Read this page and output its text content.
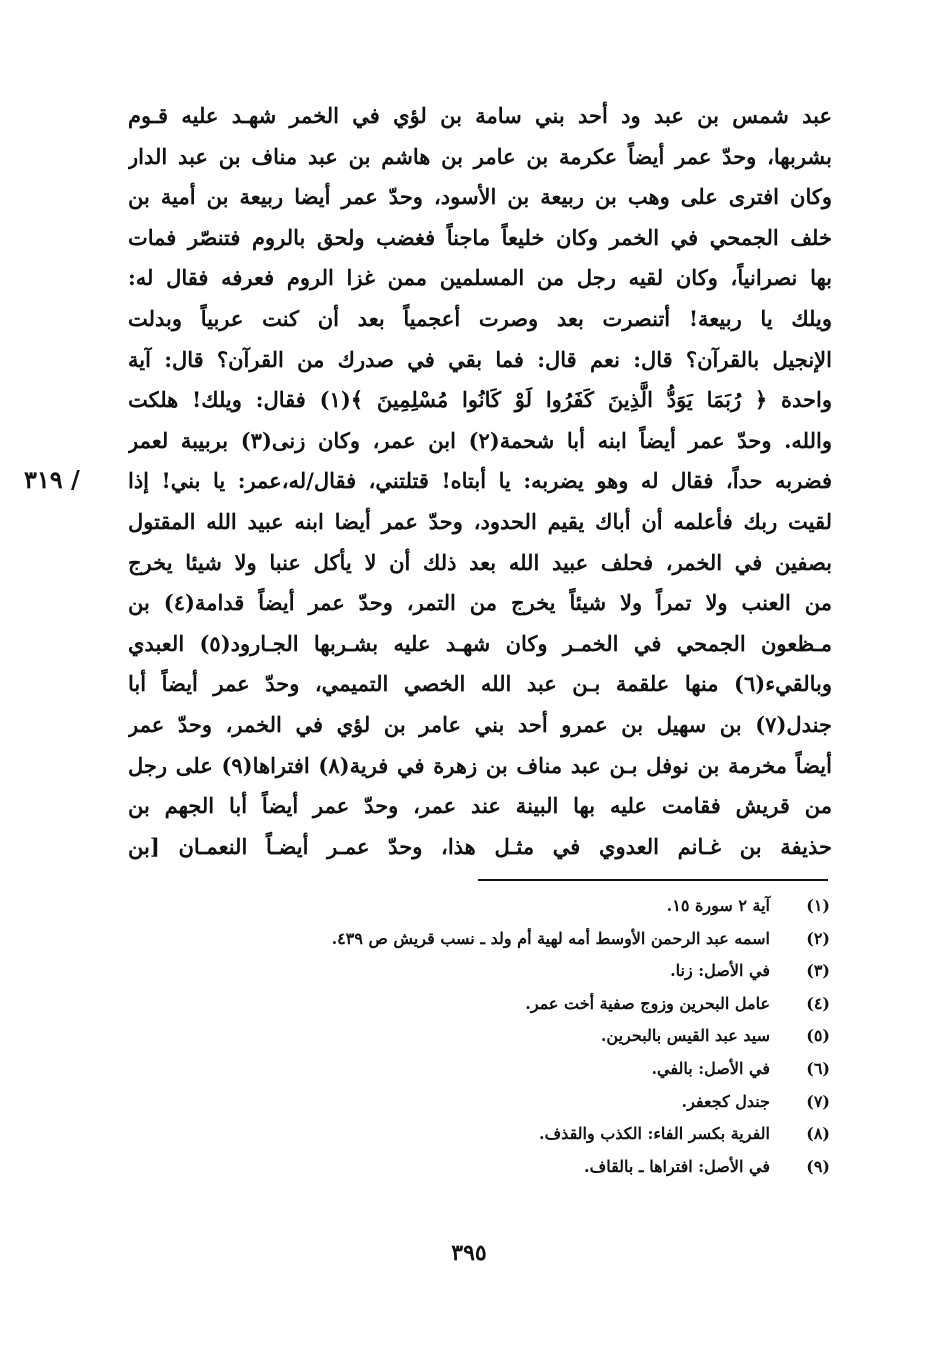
عبد شمس بن عبد ود أحد بني سامة بن لؤي في الخمر شهـد عليه قـوم
بشربها، وحدّ عمر أيضاً عكرمة بن عامر بن هاشم بن عبد مناف بن عبد الدار
وكان افترى على وهب بن ربيعة بن الأسود، وحدّ عمر أيضا ربيعة بن أمية بن
خلف الجمحي في الخمر وكان خليعاً ماجناً فغضب ولحق بالروم فتنصّر فمات
بها نصرانياً، وكان لقيه رجل من المسلمين ممن غزا الروم فعرفه فقال له:
ويلك يا ربيعة! أتنصرت بعد وصرت أعجمياً بعد أن كنت عربياً وبدلت
الإنجيل بالقرآن؟ قال: نعم قال: فما بقي في صدرك من القرآن؟ قال: آية
واحدة ﴿ رُبَمَا يَوَدُّ الَّذِينَ كَفَرُوا لَوْ كَانُوا مُسْلِمِينَ ﴾(١) فقال: ويلك! هلكت
والله. وحدّ عمر أيضاً ابنه أبا شحمة(٢) ابن عمر، وكان زنى(٣) بربيبة لعمر
فضربه حداً، فقال له وهو يضربه: يا أبتاه! قتلتني، فقال/له،عمر: يا بني! إذا
لقيت ربك فأعلمه أن أباك يقيم الحدود، وحدّ عمر أيضا ابنه عبيد الله المقتول
بصفين في الخمر، فحلف عبيد الله بعد ذلك أن لا يأكل عنبا ولا شيئا يخرج
من العنب ولا تمراً ولا شيئاً يخرج من التمر، وحدّ عمر أيضاً قدامة(٤) بن
مـظعون الجمحي في الخمـر وكان شهـد عليه بشـربها الجـارود(٥) العبدي
وبالقيء(٦) منها علقمة بـن عبد الله الخصي التميمي، وحدّ عمر أيضاً أبا
جندل(٧) بن سهيل بن عمرو أحد بني عامر بن لؤي في الخمر، وحدّ عمر
أيضاً مخرمة بن نوفل بـن عبد مناف بن زهرة في فرية(٨) افتراها(٩) على رجل
من قريش فقامت عليه بها البينة عند عمر، وحدّ عمر أيضاً أبا الجهم بن
حذيفة بن غـانم العدوي في مثـل هذا، وحدّ عمـر أيضـاً النعمـان [بن
٣١٩ /
(١)
آية ٢ سورة ١٥.
(٢)
اسمه عبد الرحمن الأوسط أمه لهية أم ولد ـ نسب قريش ص ٤٣٩.
(٣)
في الأصل: زنا.
(٤)
عامل البحرين وزوج صفية أخت عمر.
(٥)
سيد عبد القيس بالبحرين.
(٦)
في الأصل: بالفي.
(٧)
جندل كجعفر.
(٨)
الفرية بكسر الفاء: الكذب والقذف.
(٩)
في الأصل: افتراها ـ بالقاف.
٣٩٥
